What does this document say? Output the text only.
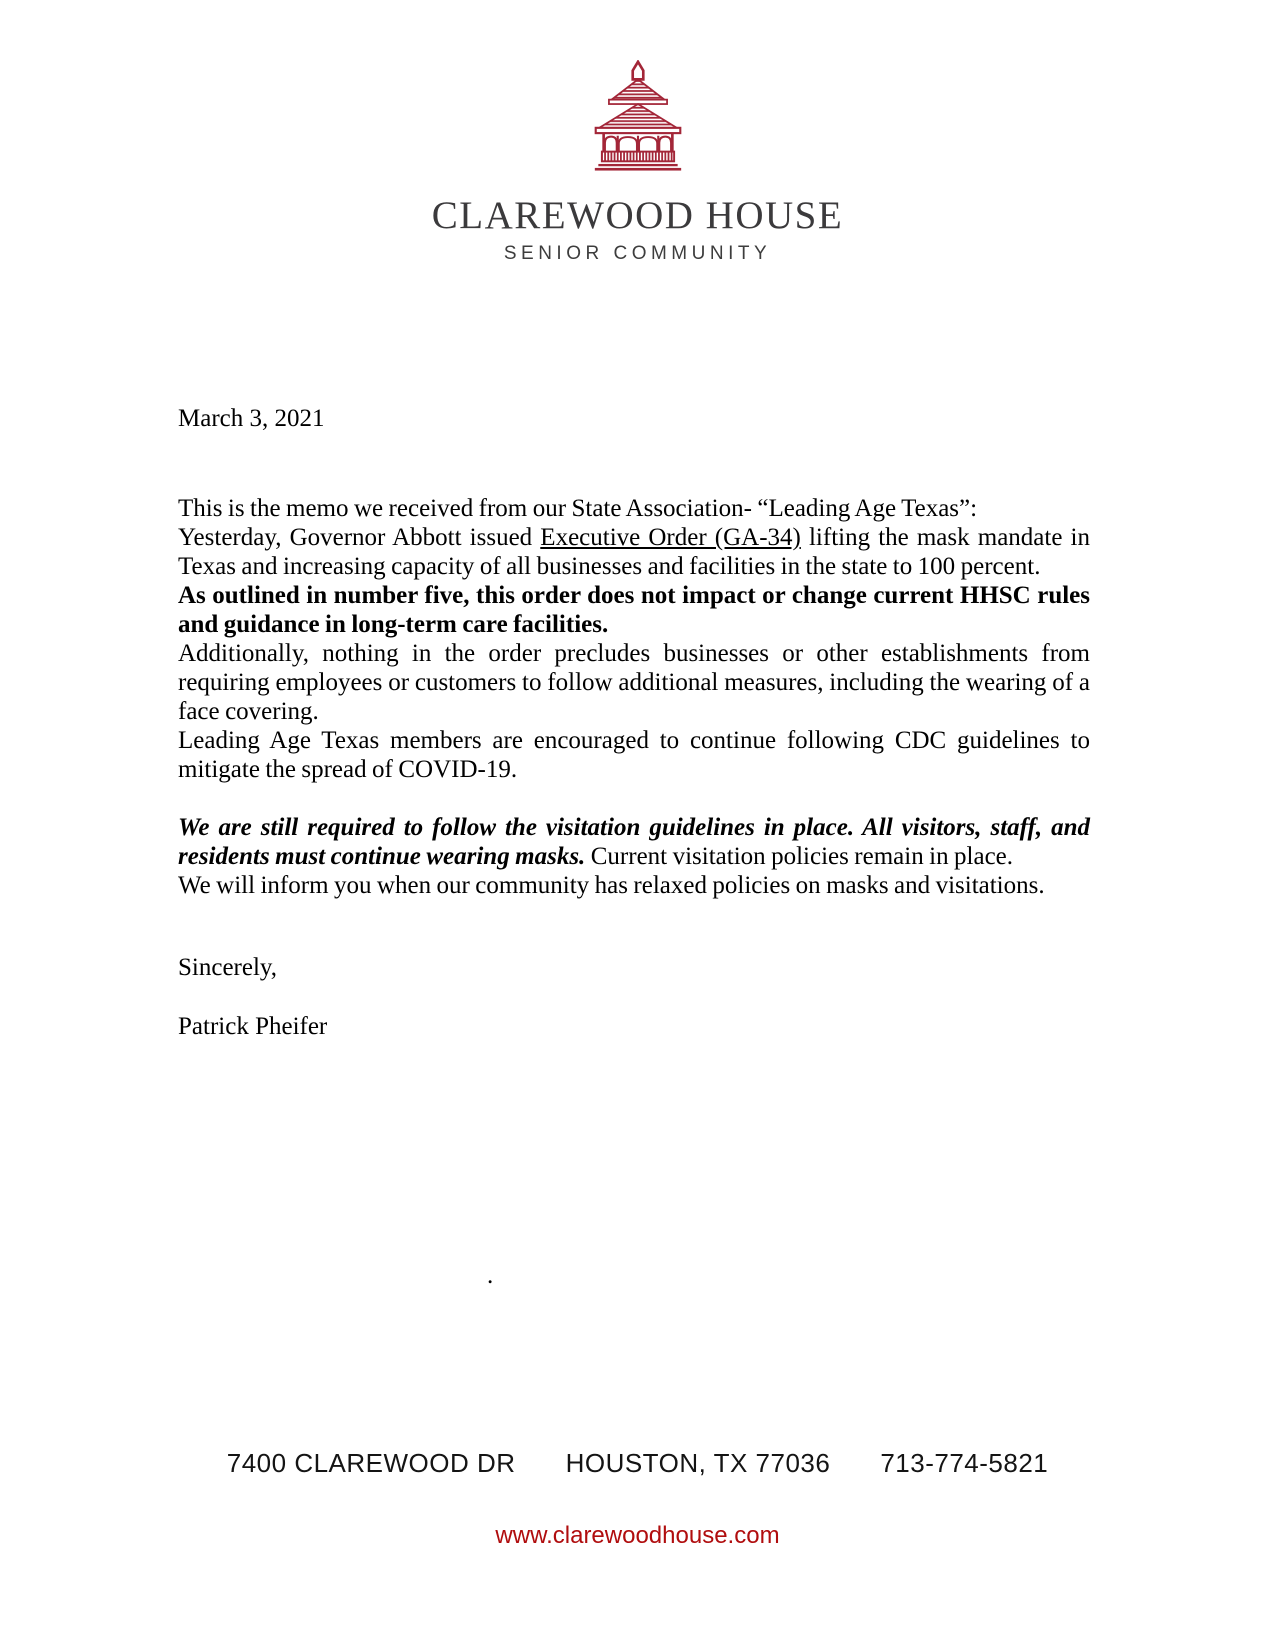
CLAREWOOD HOUSE
SENIOR COMMUNITY
March 3, 2021

This is the memo we received from our State Association- “Leading Age Texas”:

Yesterday, Governor Abbott issued Executive Order (GA-34) lifting the mask mandate in Texas and increasing capacity of all businesses and facilities in the state to 100 percent.

As outlined in number five, this order does not impact or change current HHSC rules and guidance in long-term care facilities.

Additionally, nothing in the order precludes businesses or other establishments from requiring employees or customers to follow additional measures, including the wearing of a face covering.

Leading Age Texas members are encouraged to continue following CDC guidelines to mitigate the spread of COVID-19.

We are still required to follow the visitation guidelines in place. All visitors, staff, and residents must continue wearing masks. Current visitation policies remain in place.

We will inform you when our community has relaxed policies on masks and visitations.

Sincerely,
Patrick Pheifer
.
7400 CLAREWOOD DR HOUSTON, TX 77036 713-774-5821
www.clarewoodhouse.com
